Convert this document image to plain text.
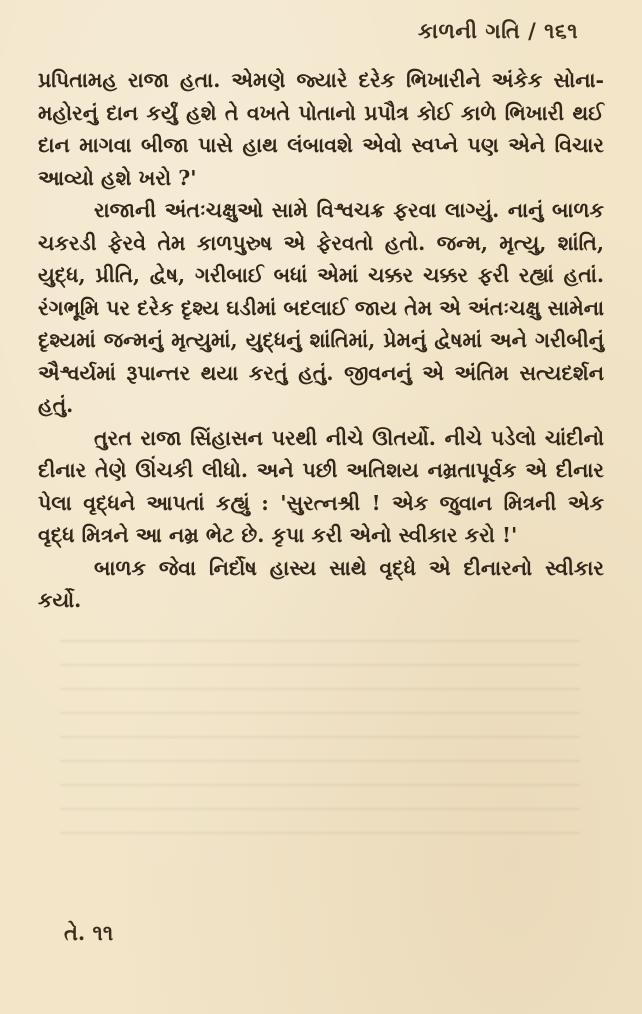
કાળની ગતિ / ૧૬૧

પ્રપિતામહ રાજા હતા. એમણે જ્યારે દરેક ભિખારીને અંકેક સોના-મહોરનું દાન કર્યું હશે તે વખતે પોતાનો પ્રપૌત્ર કોઈ કાળે ભિખારી થઈ દાન માગવા બીજા પાસે હાથ લંબાવશે એવો સ્વપ્ને પણ એને વિચાર આવ્યો હશે ખરો ?'

રાજાની અંતઃચક્ષુઓ સામે વિશ્વચક્ર ફરવા લાગ્યું. નાનું બાળક ચકરડી ફેરવે તેમ કાળપુરુષ એ ફેરવતો હતો. જન્મ, મૃત્યુ, શાંતિ, યુદ્ધ, પ્રીતિ, દ્વેષ, ગરીબાઈ બધાં એમાં ચક્કર ચક્કર ફરી રહ્યાં હતાં. રંગભૂમિ પર દરેક દૃશ્ય ઘડીમાં બદલાઈ જાય તેમ એ અંતઃચક્ષુ સામેના દૃશ્યમાં જન્મનું મૃત્યુમાં, યુદ્ધનું શાંતિમાં, પ્રેમનું દ્વેષમાં અને ગરીબીનું ઐશ્વર્યમાં રૂપાન્તર થયા કરતું હતું. જીવનનું એ અંતિમ સત્યદર્શન હતું.

તુરત રાજા સિંહાસન પરથી નીચે ઊતર્યો. નીચે પડેલો ચાંદીનો દીનાર તેણે ઊંચકી લીધો. અને પછી અતિશય નમ્રતાપૂર્વક એ દીનાર પેલા વૃદ્ધને આપતાં કહ્યું : 'સુરત્નશ્રી ! એક જુવાન મિત્રની એક વૃદ્ધ મિત્રને આ નમ્ર ભેટ છે. કૃપા કરી એનો સ્વીકાર કરો !'

બાળક જેવા નિર્દોષ હાસ્ય સાથે વૃદ્ધે એ દીનારનો સ્વીકાર કર્યો.

તે. ૧૧
